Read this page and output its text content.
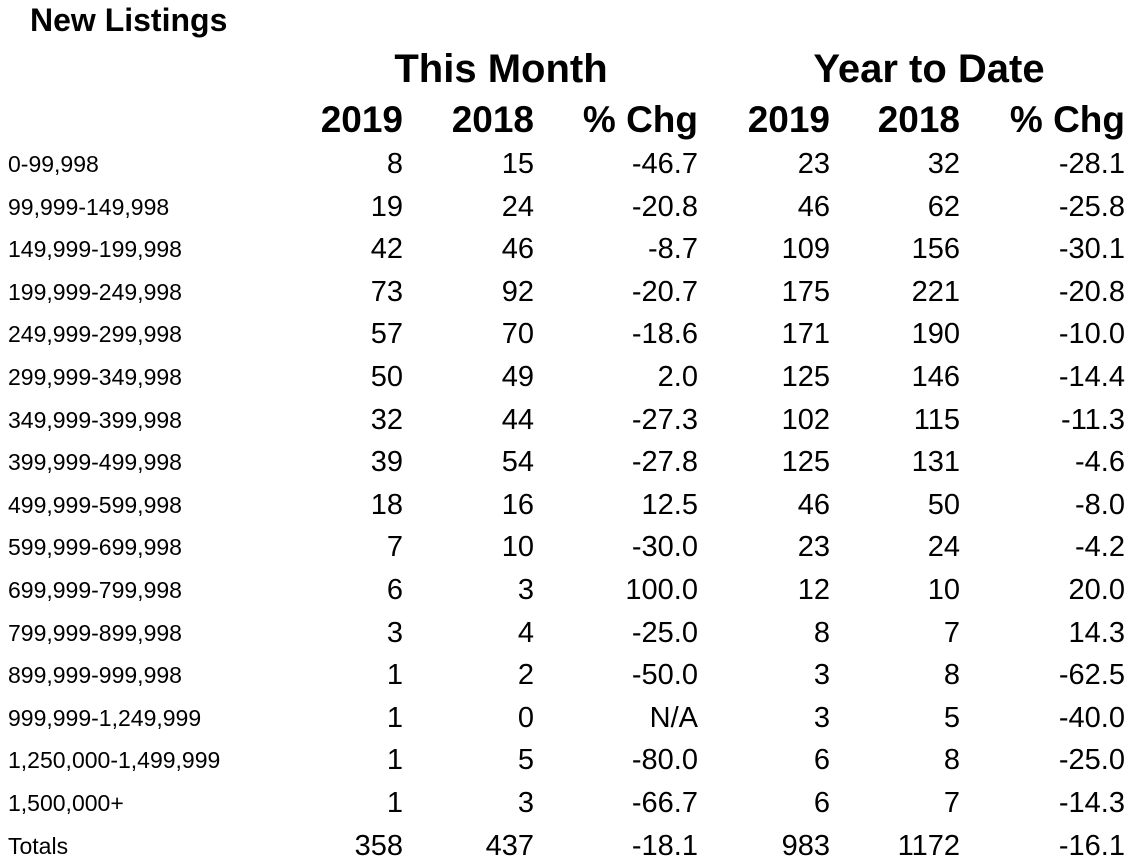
New Listings
This Month	Year to Date
2019	2018	% Chg	2019	2018	% Chg
0-99,998	8	15	-46.7	23	32	-28.1
99,999-149,998	19	24	-20.8	46	62	-25.8
149,999-199,998	42	46	-8.7	109	156	-30.1
199,999-249,998	73	92	-20.7	175	221	-20.8
249,999-299,998	57	70	-18.6	171	190	-10.0
299,999-349,998	50	49	2.0	125	146	-14.4
349,999-399,998	32	44	-27.3	102	115	-11.3
399,999-499,998	39	54	-27.8	125	131	-4.6
499,999-599,998	18	16	12.5	46	50	-8.0
599,999-699,998	7	10	-30.0	23	24	-4.2
699,999-799,998	6	3	100.0	12	10	20.0
799,999-899,998	3	4	-25.0	8	7	14.3
899,999-999,998	1	2	-50.0	3	8	-62.5
999,999-1,249,999	1	0	N/A	3	5	-40.0
1,250,000-1,499,999	1	5	-80.0	6	8	-25.0
1,500,000+	1	3	-66.7	6	7	-14.3
Totals	358	437	-18.1	983	1172	-16.1
